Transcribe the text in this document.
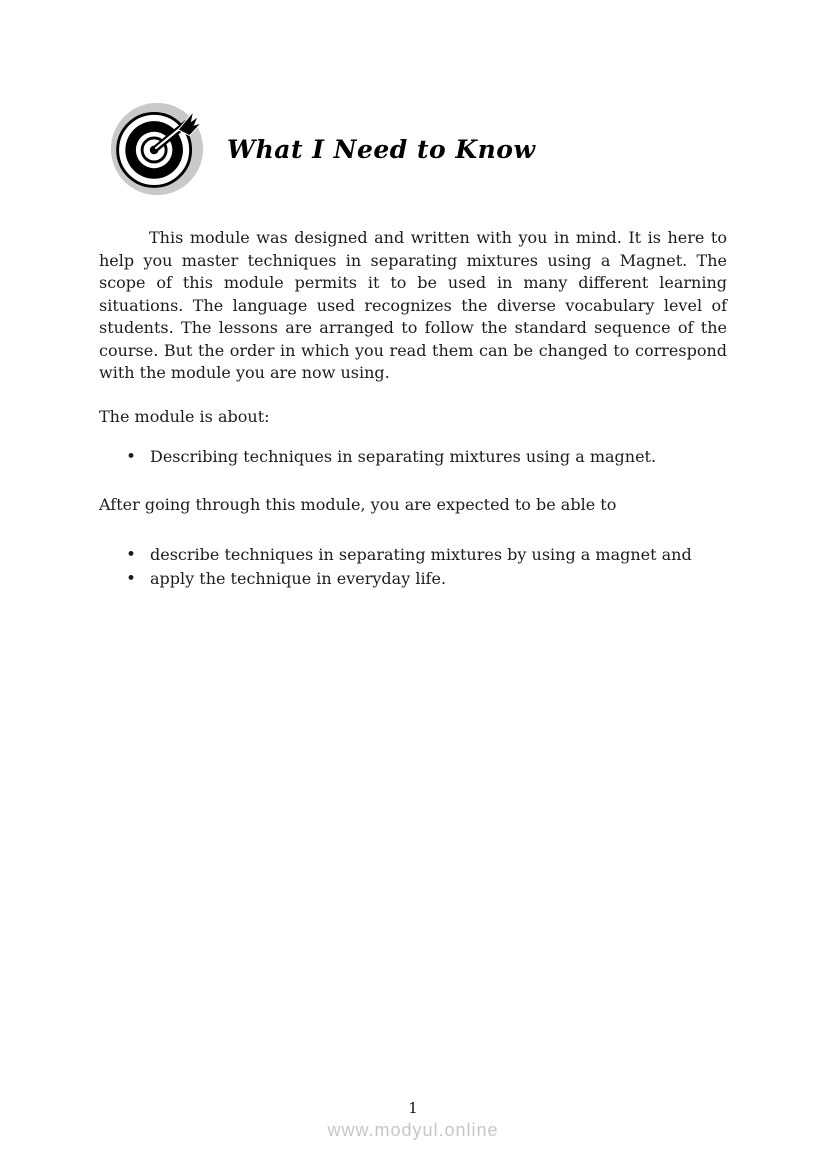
What I Need to Know

This module was designed and written with you in mind. It is here to help you master techniques in separating mixtures using a Magnet. The scope of this module permits it to be used in many different learning situations. The language used recognizes the diverse vocabulary level of students. The lessons are arranged to follow the standard sequence of the course. But the order in which you read them can be changed to correspond with the module you are now using.

The module is about:

• Describing techniques in separating mixtures using a magnet.

After going through this module, you are expected to be able to

• describe techniques in separating mixtures by using a magnet and
• apply the technique in everyday life.
1
www.modyul.online
